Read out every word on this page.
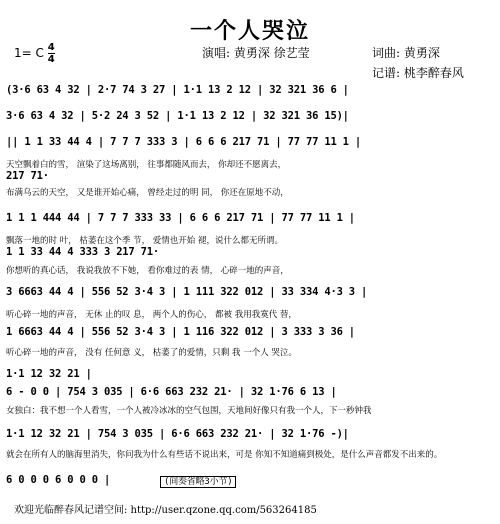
一个人哭泣
1= C $\frac{4}{4}$	演唱: 黄勇深 徐艺莹	词曲: 黄勇深
记谱: 桃李醉春风
(3·6 63 4 32 | 2·7 74 3 27 | 1·1 13 2 12 | 32 321 36 6 |
3·6 63 4 32 | 5·2 24 3 52 | 1·1 13 2 12 | 32 321 36 15)|
|| 1 1 33 44 4 | 7 7 7 333 3 | 6 6 6 217 71 | 77 77 11 1 |
天空飘着白的雪， 渲染了这场离别， 往事都随风而去， 你却还不愿离去，
217 71·
布满乌云的天空， 又是谁开始心痛， 曾经走过的明 同， 你还在原地不动，
1 1 1 444 44 | 7 7 7 333 33 | 6 6 6 217 71 | 77 77 11 1 |
飘落一地的时 叶， 枯萎在这个季 节， 爱情也开始 褪，说什么都无所谓。
1 1 33 44 4 333 3 217 71·
你想听的真心话， 我说我放不下她， 看你难过的表 情， 心碎一地的声音，
3 6663 44 4 | 556 52 3·4 3 | 1 111 322 012 | 33 334 4·3 3 |
听心碎一地的声音， 无休 止的叹 息， 两个人的伤心， 都被 我用我寞代 替，
1 6663 44 4 | 556 52 3·4 3 | 1 116 322 012 | 3 333 3 36 |
听心碎一地的声音， 没有 任何意 义， 枯萎了的爱情，只剩 我 一个人 哭泣。
1·1 12 32 21 |
6 - 0 0 | 754 3 035 | 6·6 663 232 21· | 32 1·76 6 13 |
女独白：我不想一个人看雪，一个人被冷冰冰的空气包围，天地间好像只有我一个人，下一秒钟我
1·1 12 32 21 | 754 3 035 | 6·6 663 232 21· | 32 1·76 -)|
就会在所有人的脑海里消失，你问我为什么有些话不说出来，可是 你知不知道痛到极处，是什么声音都发不出来的。
6 0 0 0 6 0 0 0 |	(间奏省略3小节)
欢迎光临醉春风记谱空间: http://user.qzone.qq.com/563264185
